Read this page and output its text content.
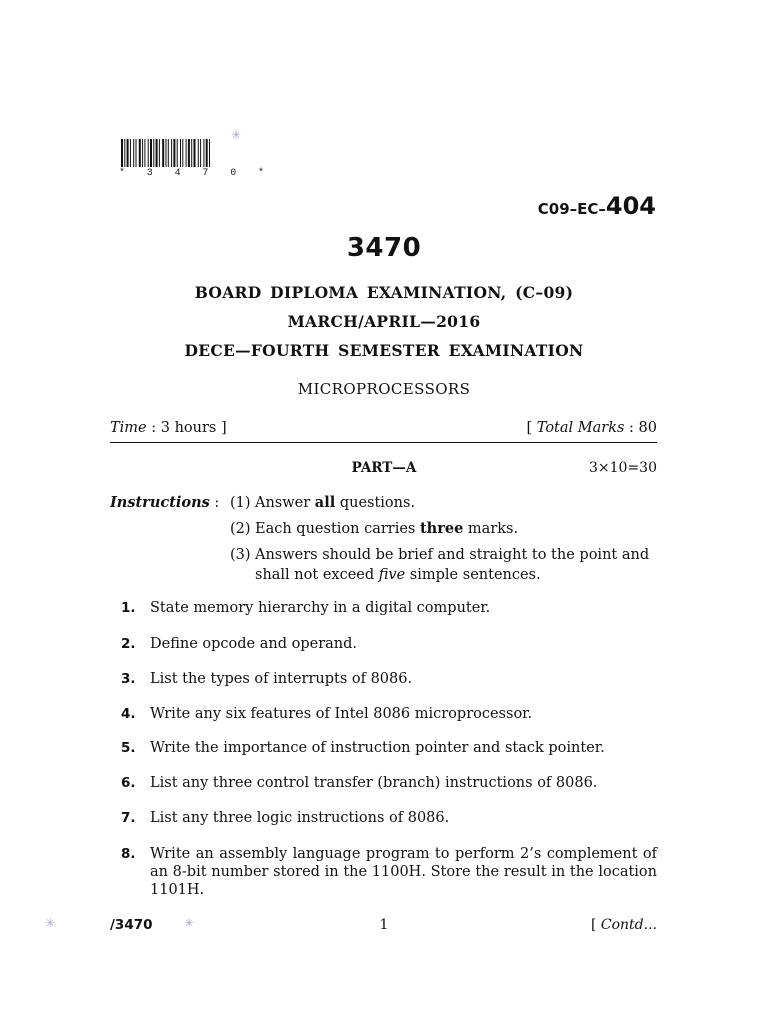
* 3 4 7 0 *
✳
✳	✳
C09–EC–404
3470
BOARD DIPLOMA EXAMINATION, (C–09)
MARCH/APRIL—2016
DECE—FOURTH SEMESTER EXAMINATION
MICROPROCESSORS
Time : 3 hours ]	[ Total Marks : 80
PART—A	3×10=30
Instructions : (1) Answer all questions.
(2) Each question carries three marks.
(3) Answers should be brief and straight to the point and shall not exceed five simple sentences.
1. State memory hierarchy in a digital computer.
2. Define opcode and operand.
3. List the types of interrupts of 8086.
4. Write any six features of Intel 8086 microprocessor.
5. Write the importance of instruction pointer and stack pointer.
6. List any three control transfer (branch) instructions of 8086.
7. List any three logic instructions of 8086.
8. Write an assembly language program to perform 2’s complement of an 8-bit number stored in the 1100H. Store the result in the location 1101H.
/3470	1	[ Contd...
